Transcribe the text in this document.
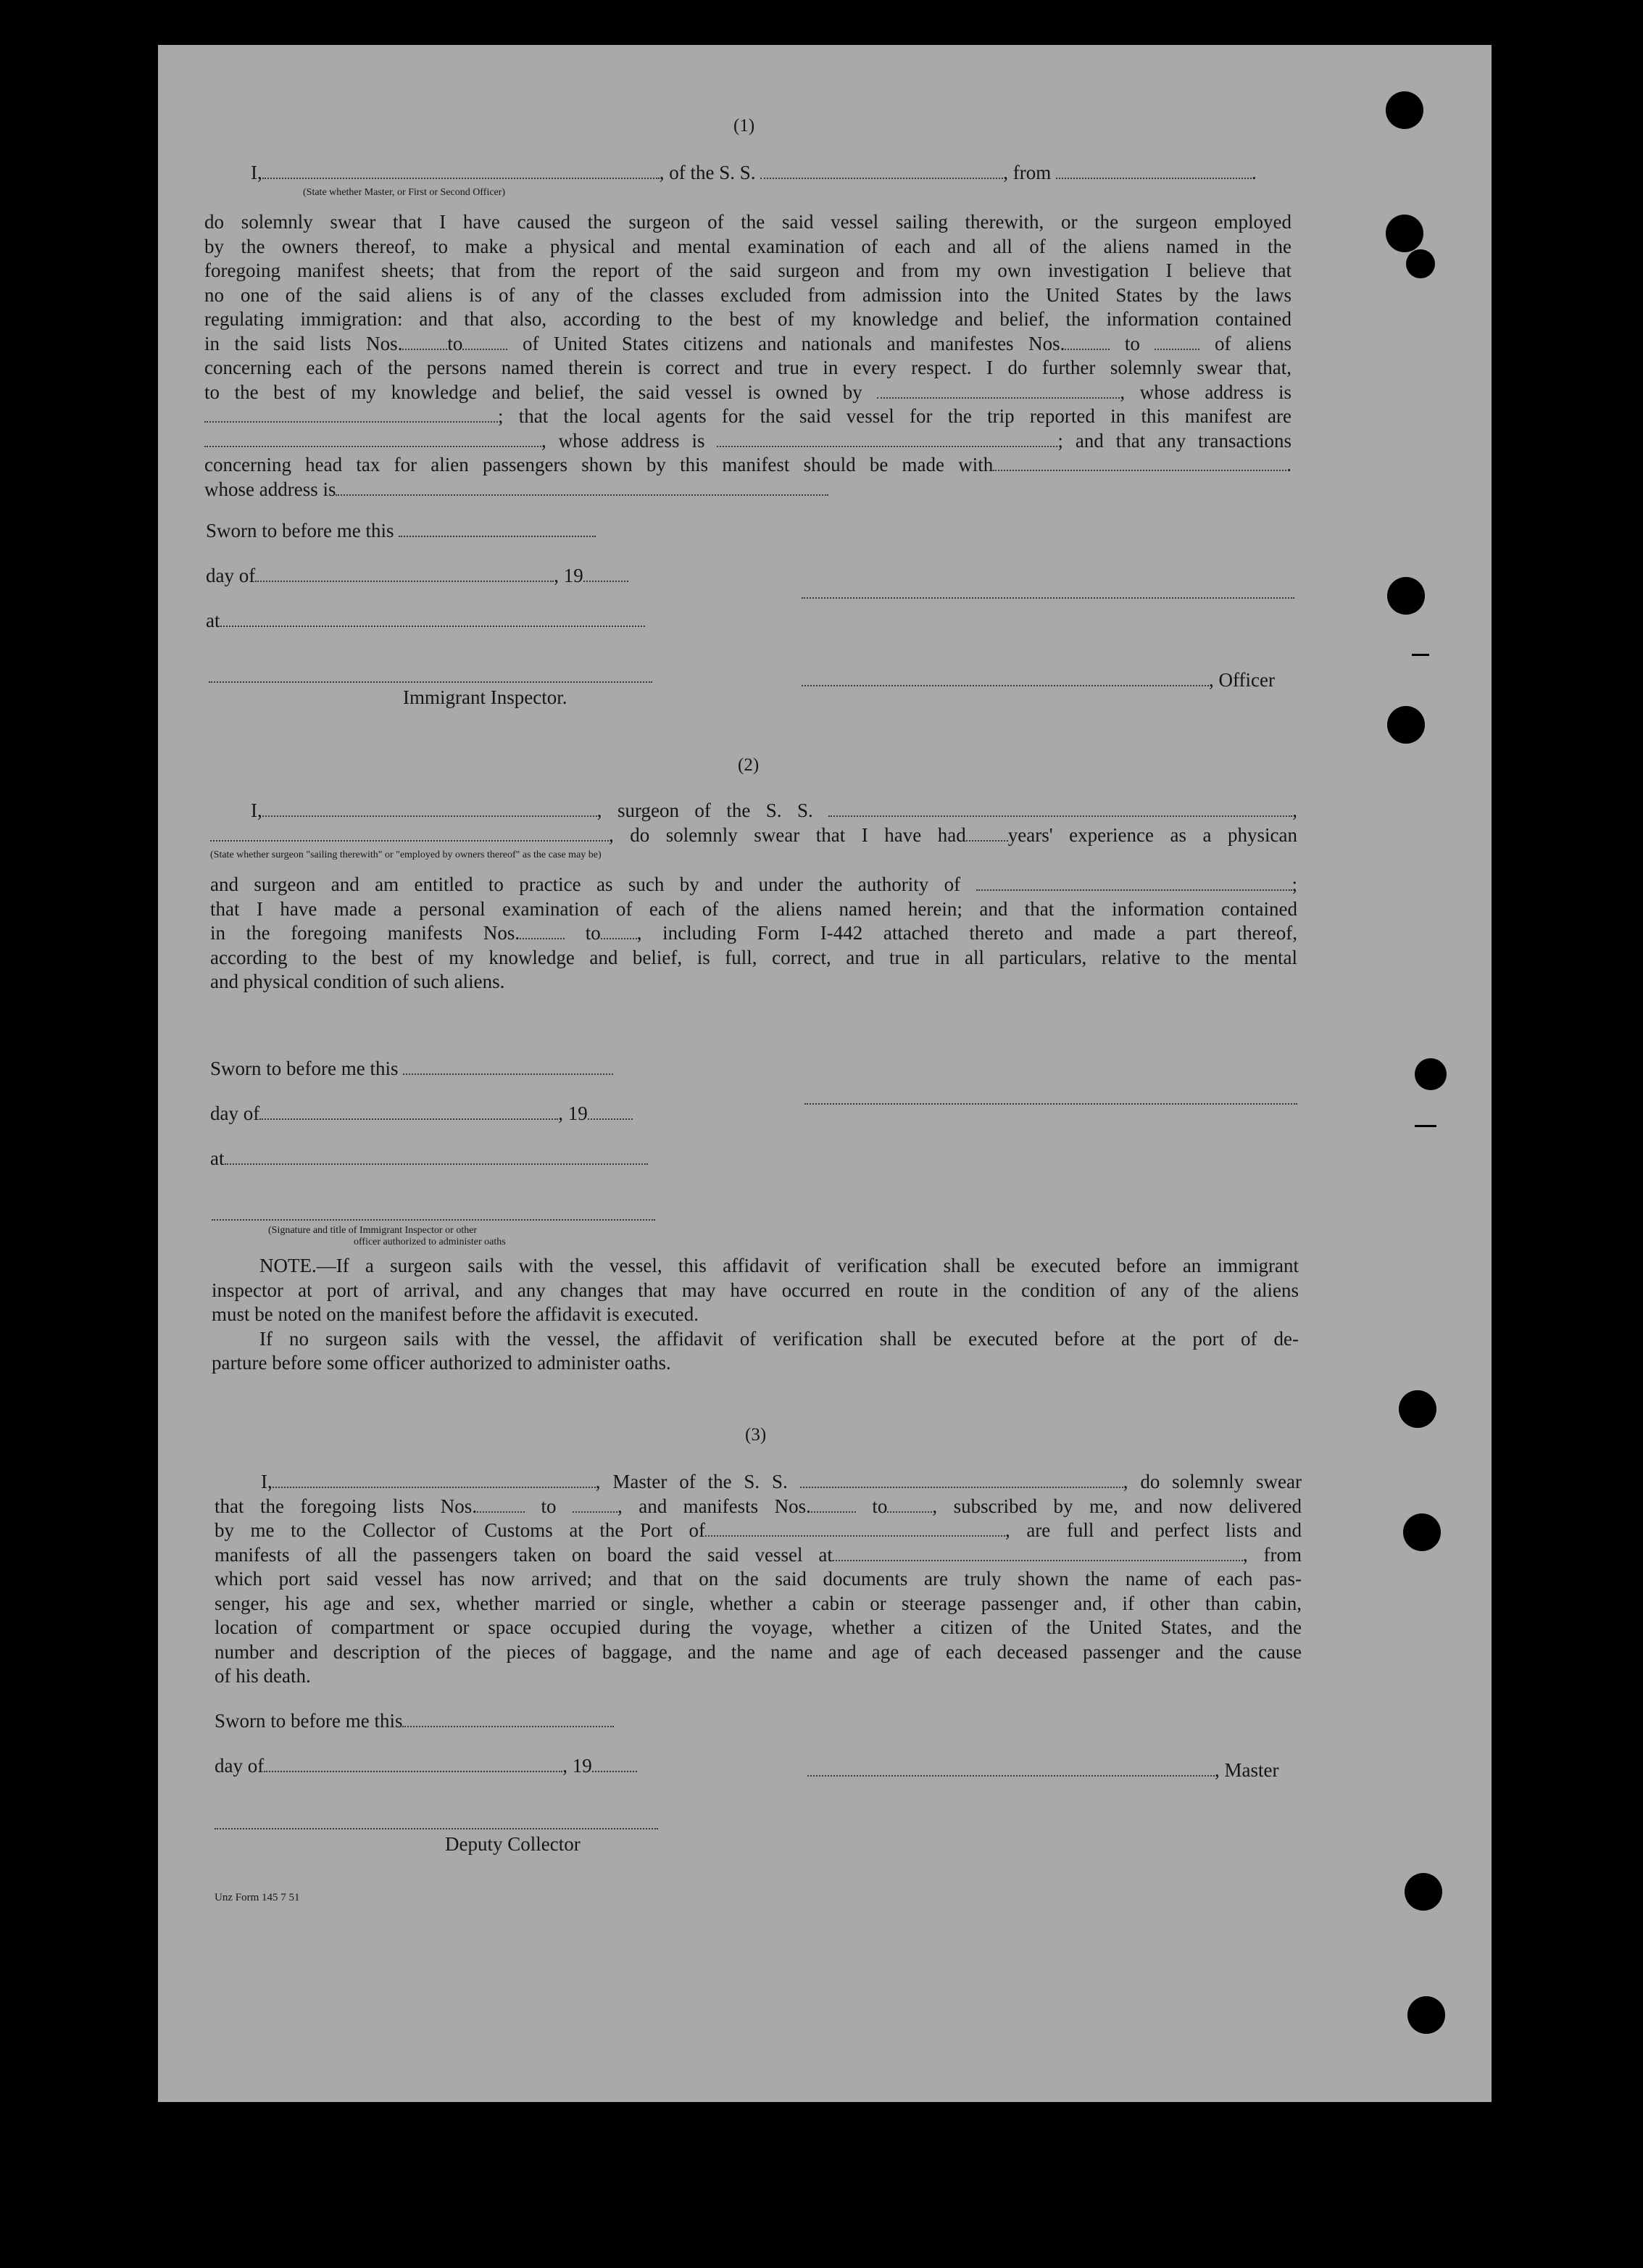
(1)
I,	, of the S. S.	, from	.
(State whether Master, or First or Second Officer)
do solemnly swear that I have caused the surgeon of the said vessel sailing therewith, or the surgeon employed
by the owners thereof, to make a physical and mental examination of each and all of the aliens named in the
foregoing manifest sheets; that from the report of the said surgeon and from my own investigation I believe that
no one of the said aliens is of any of the classes excluded from admission into the United States by the laws
regulating immigration: and that also, according to the best of my knowledge and belief, the information contained
in the said lists Nos. to	of United States citizens and nationals and manifestes Nos.	to	of aliens
concerning each of the persons named therein is correct and true in every respect. I do further solemnly swear that,
to the best of my knowledge and belief, the said vessel is owned by	, whose address is
; that the local agents for the said vessel for the trip reported in this manifest are
, whose address is	; and that any transactions
concerning head tax for alien passengers shown by this manifest should be made with	.
whose address is
Sworn to before me this
day of	, 19
at
Immigrant Inspector.
, Officer
(2)
I,	, surgeon of the S. S.	,
, do solemnly swear that I have had years' experience as a physican
(State whether surgeon "sailing therewith" or "employed by owners thereof" as the case may be)
and surgeon and am entitled to practice as such by and under the authority of	;
that I have made a personal examination of each of the aliens named herein; and that the information contained
in the foregoing manifests Nos.	to , including Form I-442 attached thereto and made a part thereof,
according to the best of my knowledge and belief, is full, correct, and true in all particulars, relative to the mental
and physical condition of such aliens.
Sworn to before me this
day of	, 19
at
(Signature and title of Immigrant Inspector or other
officer authorized to administer oaths
NOTE.—If a surgeon sails with the vessel, this affidavit of verification shall be executed before an immigrant
inspector at port of arrival, and any changes that may have occurred en route in the condition of any of the aliens
must be noted on the manifest before the affidavit is executed.
If no surgeon sails with the vessel, the affidavit of verification shall be executed before at the port of de-
parture before some officer authorized to administer oaths.
(3)
I,	, Master of the S. S.	, do solemnly swear
that the foregoing lists Nos.	to	, and manifests Nos.	to , subscribed by me, and now delivered
by me to the Collector of Customs at the Port of	, are full and perfect lists and
manifests of all the passengers taken on board the said vessel at	, from
which port said vessel has now arrived; and that on the said documents are truly shown the name of each pas-
senger, his age and sex, whether married or single, whether a cabin or steerage passenger and, if other than cabin,
location of compartment or space occupied during the voyage, whether a citizen of the United States, and the
number and description of the pieces of baggage, and the name and age of each deceased passenger and the cause
of his death.
Sworn to before me this
day of	, 19	, Master
Deputy Collector
Unz Form 145 7 51
